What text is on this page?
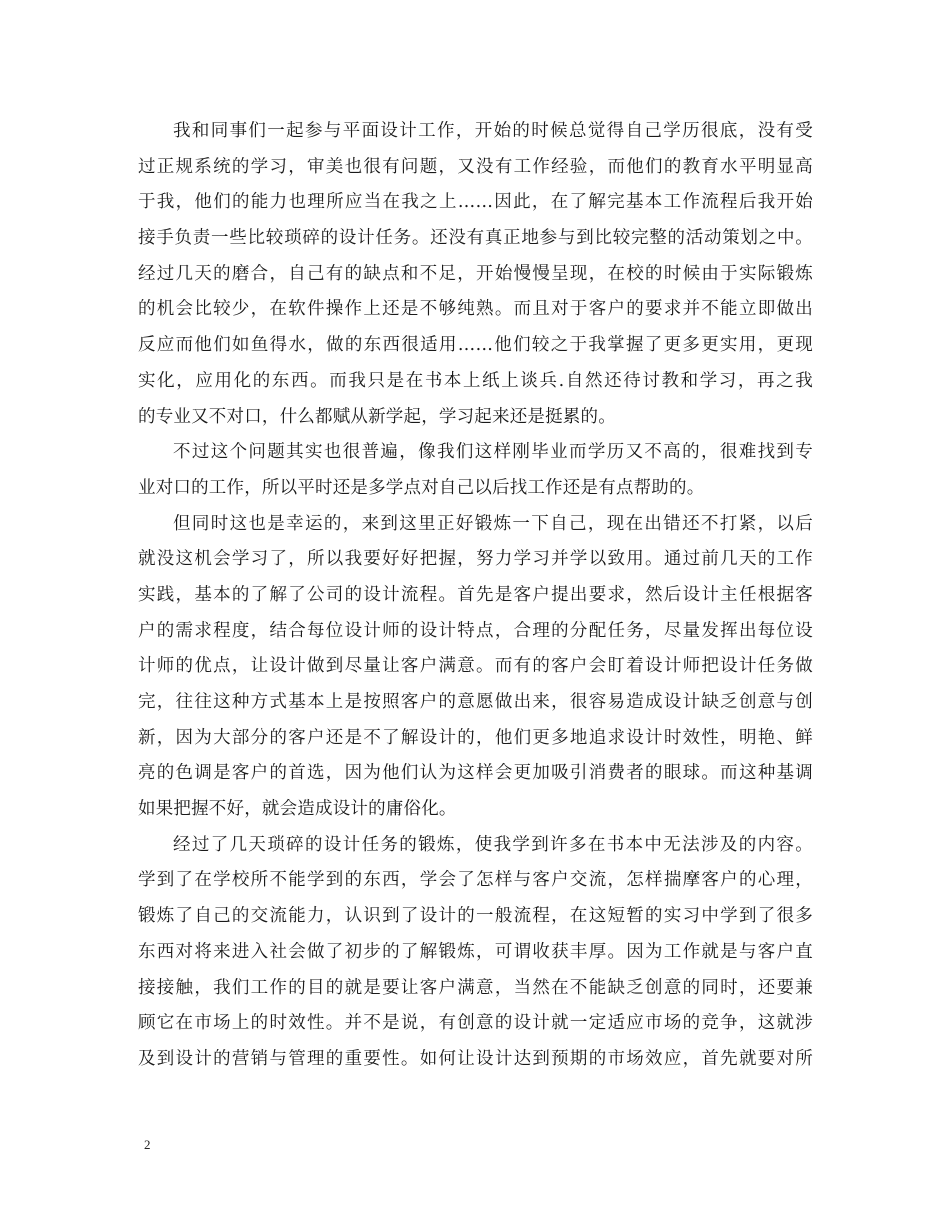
我和同事们一起参与平面设计工作，开始的时候总觉得自己学历很底，没有受
过正规系统的学习，审美也很有问题，又没有工作经验，而他们的教育水平明显高
于我，他们的能力也理所应当在我之上……因此，在了解完基本工作流程后我开始
接手负责一些比较琐碎的设计任务。还没有真正地参与到比较完整的活动策划之中。
经过几天的磨合，自己有的缺点和不足，开始慢慢呈现，在校的时候由于实际锻炼
的机会比较少，在软件操作上还是不够纯熟。而且对于客户的要求并不能立即做出
反应而他们如鱼得水，做的东西很适用……他们较之于我掌握了更多更实用，更现
实化，应用化的东西。而我只是在书本上纸上谈兵.自然还待讨教和学习，再之我
的专业又不对口，什么都赋从新学起，学习起来还是挺累的。
不过这个问题其实也很普遍，像我们这样刚毕业而学历又不高的，很难找到专
业对口的工作，所以平时还是多学点对自己以后找工作还是有点帮助的。
但同时这也是幸运的，来到这里正好锻炼一下自己，现在出错还不打紧，以后
就没这机会学习了，所以我要好好把握，努力学习并学以致用。通过前几天的工作
实践，基本的了解了公司的设计流程。首先是客户提出要求，然后设计主任根据客
户的需求程度，结合每位设计师的设计特点，合理的分配任务，尽量发挥出每位设
计师的优点，让设计做到尽量让客户满意。而有的客户会盯着设计师把设计任务做
完，往往这种方式基本上是按照客户的意愿做出来，很容易造成设计缺乏创意与创
新，因为大部分的客户还是不了解设计的，他们更多地追求设计时效性，明艳、鲜
亮的色调是客户的首选，因为他们认为这样会更加吸引消费者的眼球。而这种基调
如果把握不好，就会造成设计的庸俗化。
经过了几天琐碎的设计任务的锻炼，使我学到许多在书本中无法涉及的内容。
学到了在学校所不能学到的东西，学会了怎样与客户交流，怎样揣摩客户的心理，
锻炼了自己的交流能力，认识到了设计的一般流程，在这短暂的实习中学到了很多
东西对将来进入社会做了初步的了解锻炼，可谓收获丰厚。因为工作就是与客户直
接接触，我们工作的目的就是要让客户满意，当然在不能缺乏创意的同时，还要兼
顾它在市场上的时效性。并不是说，有创意的设计就一定适应市场的竞争，这就涉
及到设计的营销与管理的重要性。如何让设计达到预期的市场效应，首先就要对所
2
